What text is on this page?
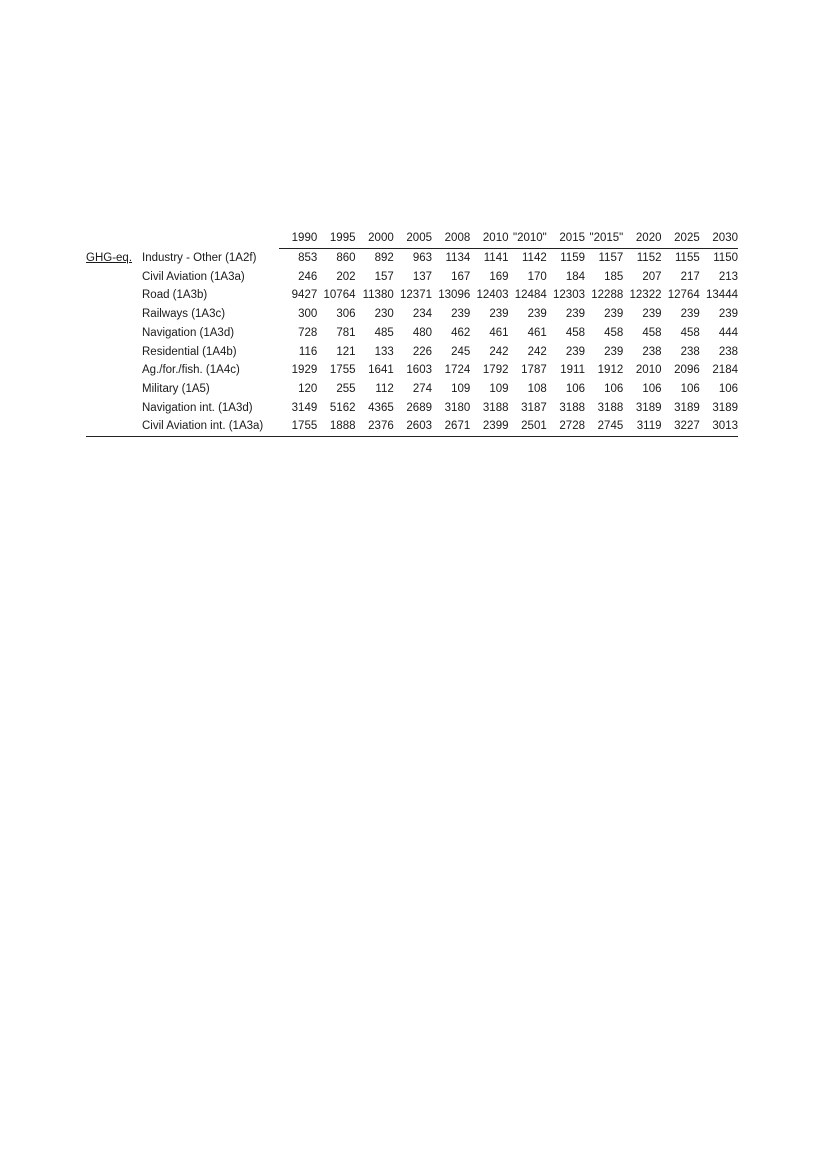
		1990	1995	2000	2005	2008	2010	"2010"	2015	"2015"	2020	2025	2030
GHG-eq.	Industry - Other (1A2f)	853	860	892	963	1134	1141	1142	1159	1157	1152	1155	1150
	Civil Aviation (1A3a)	246	202	157	137	167	169	170	184	185	207	217	213
	Road (1A3b)	9427	10764	11380	12371	13096	12403	12484	12303	12288	12322	12764	13444
	Railways (1A3c)	300	306	230	234	239	239	239	239	239	239	239	239
	Navigation (1A3d)	728	781	485	480	462	461	461	458	458	458	458	444
	Residential (1A4b)	116	121	133	226	245	242	242	239	239	238	238	238
	Ag./for./fish. (1A4c)	1929	1755	1641	1603	1724	1792	1787	1911	1912	2010	2096	2184
	Military (1A5)	120	255	112	274	109	109	108	106	106	106	106	106
	Navigation int. (1A3d)	3149	5162	4365	2689	3180	3188	3187	3188	3188	3189	3189	3189
	Civil Aviation int. (1A3a)	1755	1888	2376	2603	2671	2399	2501	2728	2745	3119	3227	3013
